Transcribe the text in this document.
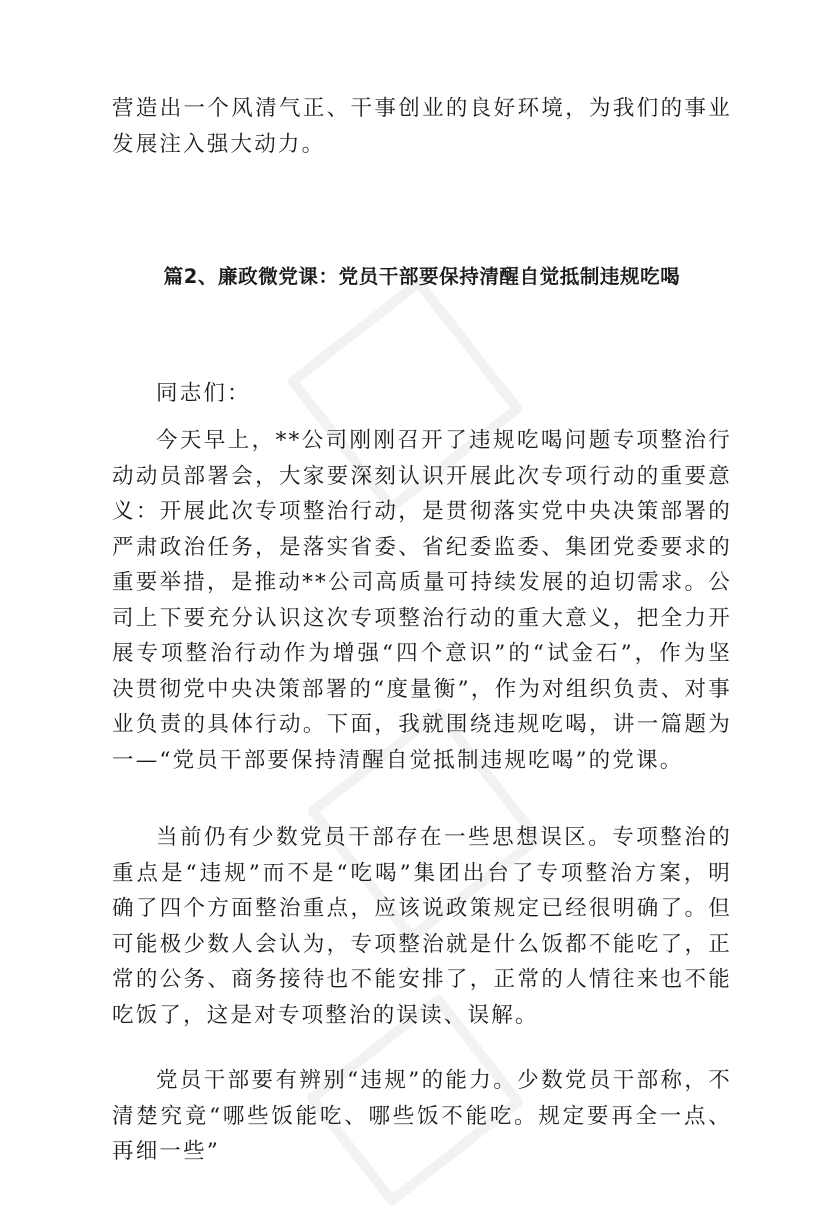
营造出一个风清气正、干事创业的良好环境，为我们的事业发展注入强大动力。

篇2、廉政微党课：党员干部要保持清醒自觉抵制违规吃喝

同志们：

今天早上，**公司刚刚召开了违规吃喝问题专项整治行动动员部署会，大家要深刻认识开展此次专项行动的重要意义：开展此次专项整治行动，是贯彻落实党中央决策部署的严肃政治任务，是落实省委、省纪委监委、集团党委要求的重要举措，是推动**公司高质量可持续发展的迫切需求。公司上下要充分认识这次专项整治行动的重大意义，把全力开展专项整治行动作为增强“四个意识”的“试金石”，作为坚决贯彻党中央决策部署的“度量衡”，作为对组织负责、对事业负责的具体行动。下面，我就围绕违规吃喝，讲一篇题为一—“党员干部要保持清醒自觉抵制违规吃喝”的党课。

当前仍有少数党员干部存在一些思想误区。专项整治的重点是“违规”而不是“吃喝”集团出台了专项整治方案，明确了四个方面整治重点，应该说政策规定已经很明确了。但可能极少数人会认为，专项整治就是什么饭都不能吃了，正常的公务、商务接待也不能安排了，正常的人情往来也不能吃饭了，这是对专项整治的误读、误解。

党员干部要有辨别“违规”的能力。少数党员干部称，不清楚究竟“哪些饭能吃、哪些饭不能吃。规定要再全一点、再细一些”
